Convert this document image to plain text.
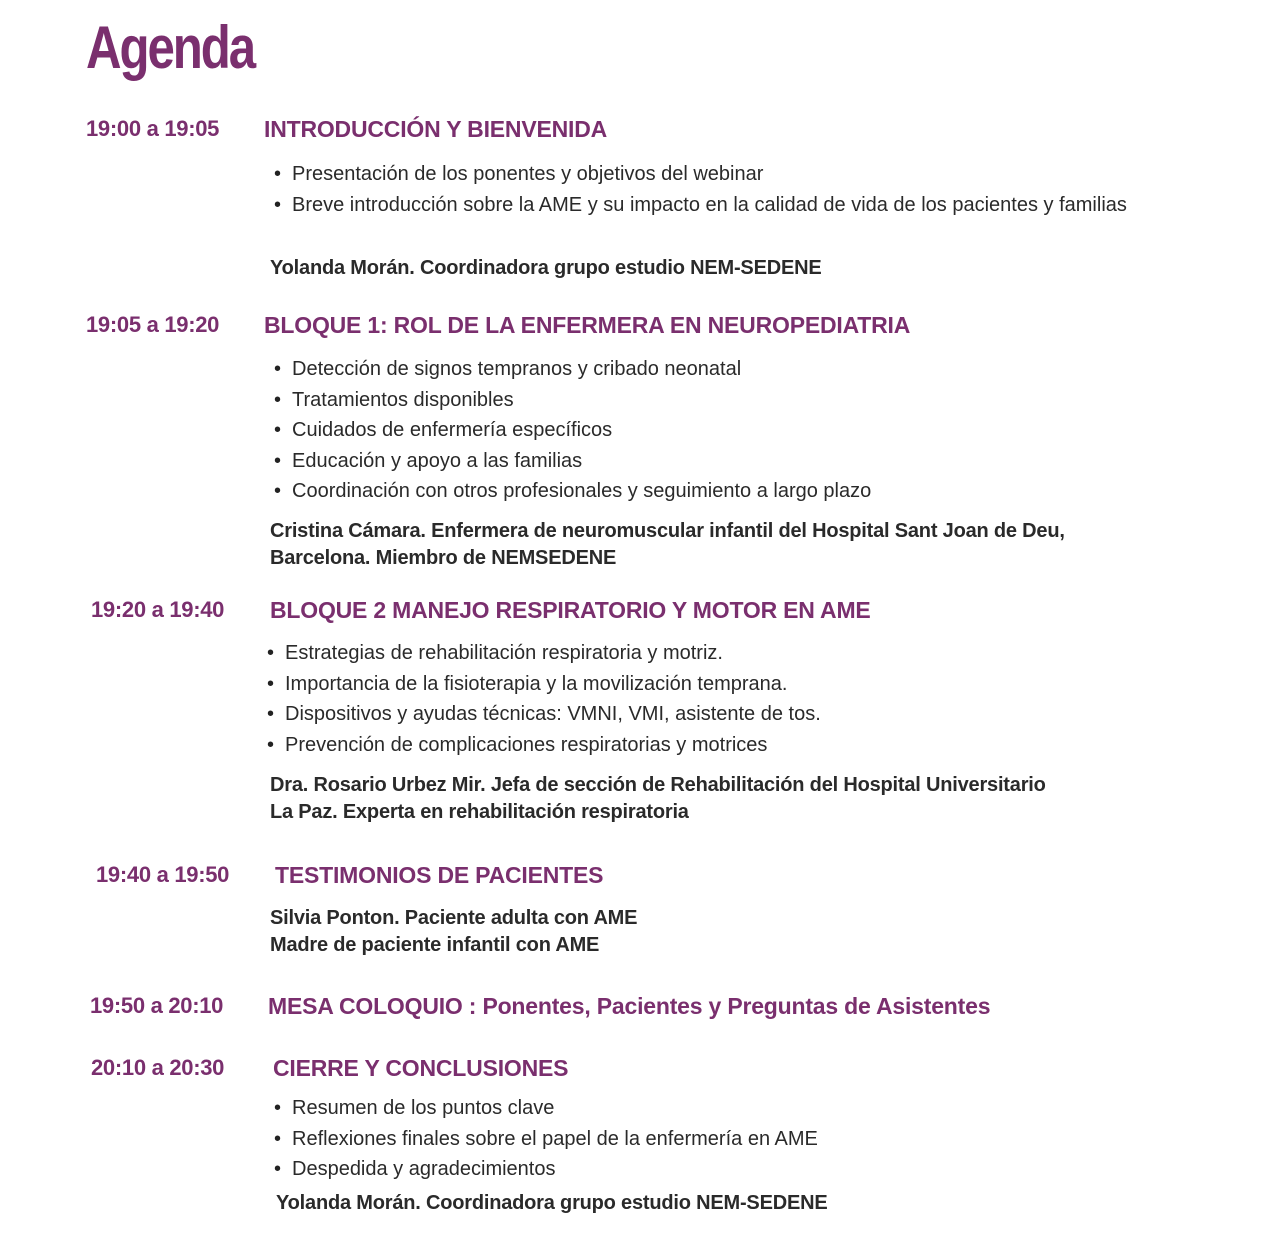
Agenda
19:00 a 19:05 INTRODUCCIÓN Y BIENVENIDA
• Presentación de los ponentes y objetivos del webinar
• Breve introducción sobre la AME y su impacto en la calidad de vida de los pacientes y familias
Yolanda Morán. Coordinadora grupo estudio NEM-SEDENE
19:05 a 19:20 BLOQUE 1: ROL DE LA ENFERMERA EN NEUROPEDIATRIA
• Detección de signos tempranos y cribado neonatal
• Tratamientos disponibles
• Cuidados de enfermería específicos
• Educación y apoyo a las familias
• Coordinación con otros profesionales y seguimiento a largo plazo
Cristina Cámara. Enfermera de neuromuscular infantil del Hospital Sant Joan de Deu,
Barcelona. Miembro de NEMSEDENE
19:20 a 19:40 BLOQUE 2 MANEJO RESPIRATORIO Y MOTOR EN AME
• Estrategias de rehabilitación respiratoria y motriz.
• Importancia de la fisioterapia y la movilización temprana.
• Dispositivos y ayudas técnicas: VMNI, VMI, asistente de tos.
• Prevención de complicaciones respiratorias y motrices
Dra. Rosario Urbez Mir. Jefa de sección de Rehabilitación del Hospital Universitario
La Paz. Experta en rehabilitación respiratoria
19:40 a 19:50 TESTIMONIOS DE PACIENTES
Silvia Ponton. Paciente adulta con AME
Madre de paciente infantil con AME
19:50 a 20:10 MESA COLOQUIO : Ponentes, Pacientes y Preguntas de Asistentes
20:10 a 20:30 CIERRE Y CONCLUSIONES
• Resumen de los puntos clave
• Reflexiones finales sobre el papel de la enfermería en AME
• Despedida y agradecimientos
Yolanda Morán. Coordinadora grupo estudio NEM-SEDENE
